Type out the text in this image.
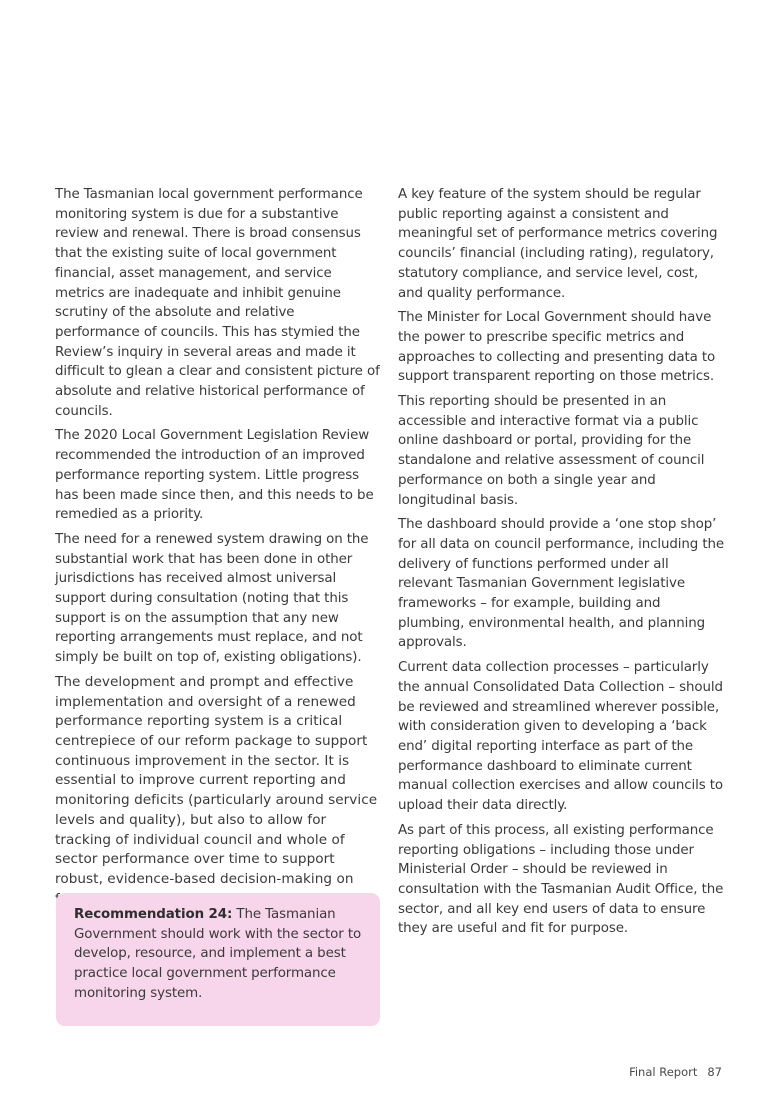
The Tasmanian local government performance monitoring system is due for a substantive review and renewal. There is broad consensus that the existing suite of local government financial, asset management, and service metrics are inadequate and inhibit genuine scrutiny of the absolute and relative performance of councils. This has stymied the Review’s inquiry in several areas and made it difficult to glean a clear and consistent picture of absolute and relative historical performance of councils.

The 2020 Local Government Legislation Review recommended the introduction of an improved performance reporting system. Little progress has been made since then, and this needs to be remedied as a priority.

The need for a renewed system drawing on the substantial work that has been done in other jurisdictions has received almost universal support during consultation (noting that this support is on the assumption that any new reporting arrangements must replace, and not simply be built on top of, existing obligations).

The development and prompt and effective implementation and oversight of a renewed performance reporting system is a critical centrepiece of our reform package to support continuous improvement in the sector. It is essential to improve current reporting and monitoring deficits (particularly around service levels and quality), but also to allow for tracking of individual council and whole of sector performance over time to support robust, evidence-based decision-making on

Recommendation 24: The Tasmanian Government should work with the sector to develop, resource, and implement a best practice local government performance monitoring system.

A key feature of the system should be regular public reporting against a consistent and meaningful set of performance metrics covering councils’ financial (including rating), regulatory, statutory compliance, and service level, cost, and quality performance.

The Minister for Local Government should have the power to prescribe specific metrics and approaches to collecting and presenting data to support transparent reporting on those metrics.

This reporting should be presented in an accessible and interactive format via a public online dashboard or portal, providing for the standalone and relative assessment of council performance on both a single year and longitudinal basis.

The dashboard should provide a ‘one stop shop’ for all data on council performance, including the delivery of functions performed under all relevant Tasmanian Government legislative frameworks – for example, building and plumbing, environmental health, and planning approvals.

Current data collection processes – particularly the annual Consolidated Data Collection – should be reviewed and streamlined wherever possible, with consideration given to developing a ‘back end’ digital reporting interface as part of the performance dashboard to eliminate current manual collection exercises and allow councils to upload their data directly.

As part of this process, all existing performance reporting obligations – including those under Ministerial Order – should be reviewed in consultation with the Tasmanian Audit Office, the sector, and all key end users of data to ensure they are useful and fit for purpose.

Final Report 87
